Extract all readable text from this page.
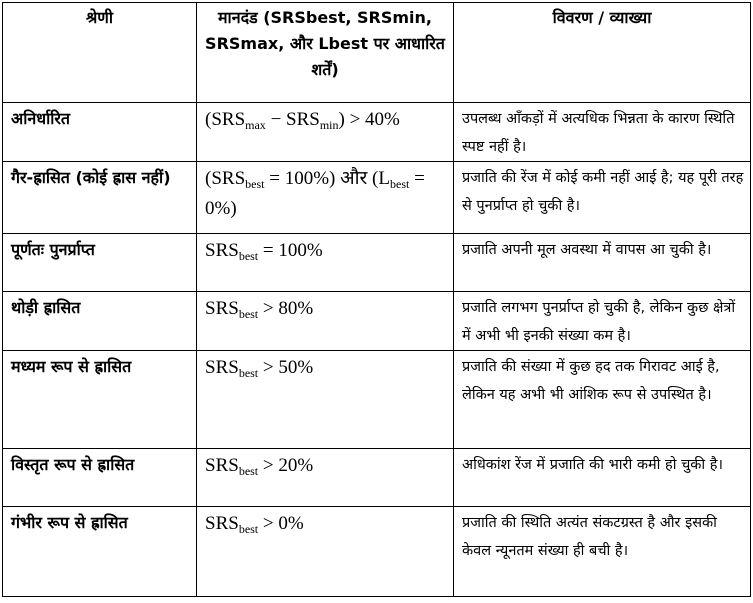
श्रेणी	मानदंड (SRSbest, SRSmin, SRSmax, और Lbest पर आधारित शर्तें)	विवरण / व्याख्या
अनिर्धारित	$(SRS_{max} - SRS_{min}) > 40\%$	उपलब्ध आँकड़ों में अत्यधिक भिन्नता के कारण स्थिति स्पष्ट नहीं है।
गैर-ह्रासित (कोई ह्रास नहीं)	$(SRS_{best} = 100\%)$ और $(L_{best} = 0\%)$	प्रजाति की रेंज में कोई कमी नहीं आई है; यह पूरी तरह से पुनर्प्राप्त हो चुकी है।
पूर्णतः पुनर्प्राप्त	$SRS_{best} = 100\%$	प्रजाति अपनी मूल अवस्था में वापस आ चुकी है।
थोड़ी ह्रासित	$SRS_{best} > 80\%$	प्रजाति लगभग पुनर्प्राप्त हो चुकी है, लेकिन कुछ क्षेत्रों में अभी भी इनकी संख्या कम है।
मध्यम रूप से ह्रासित	$SRS_{best} > 50\%$	प्रजाति की संख्या में कुछ हद तक गिरावट आई है, लेकिन यह अभी भी आंशिक रूप से उपस्थित है।
विस्तृत रूप से ह्रासित	$SRS_{best} > 20\%$	अधिकांश रेंज में प्रजाति की भारी कमी हो चुकी है।
गंभीर रूप से ह्रासित	$SRS_{best} > 0\%$	प्रजाति की स्थिति अत्यंत संकटग्रस्त है और इसकी केवल न्यूनतम संख्या ही बची है।
